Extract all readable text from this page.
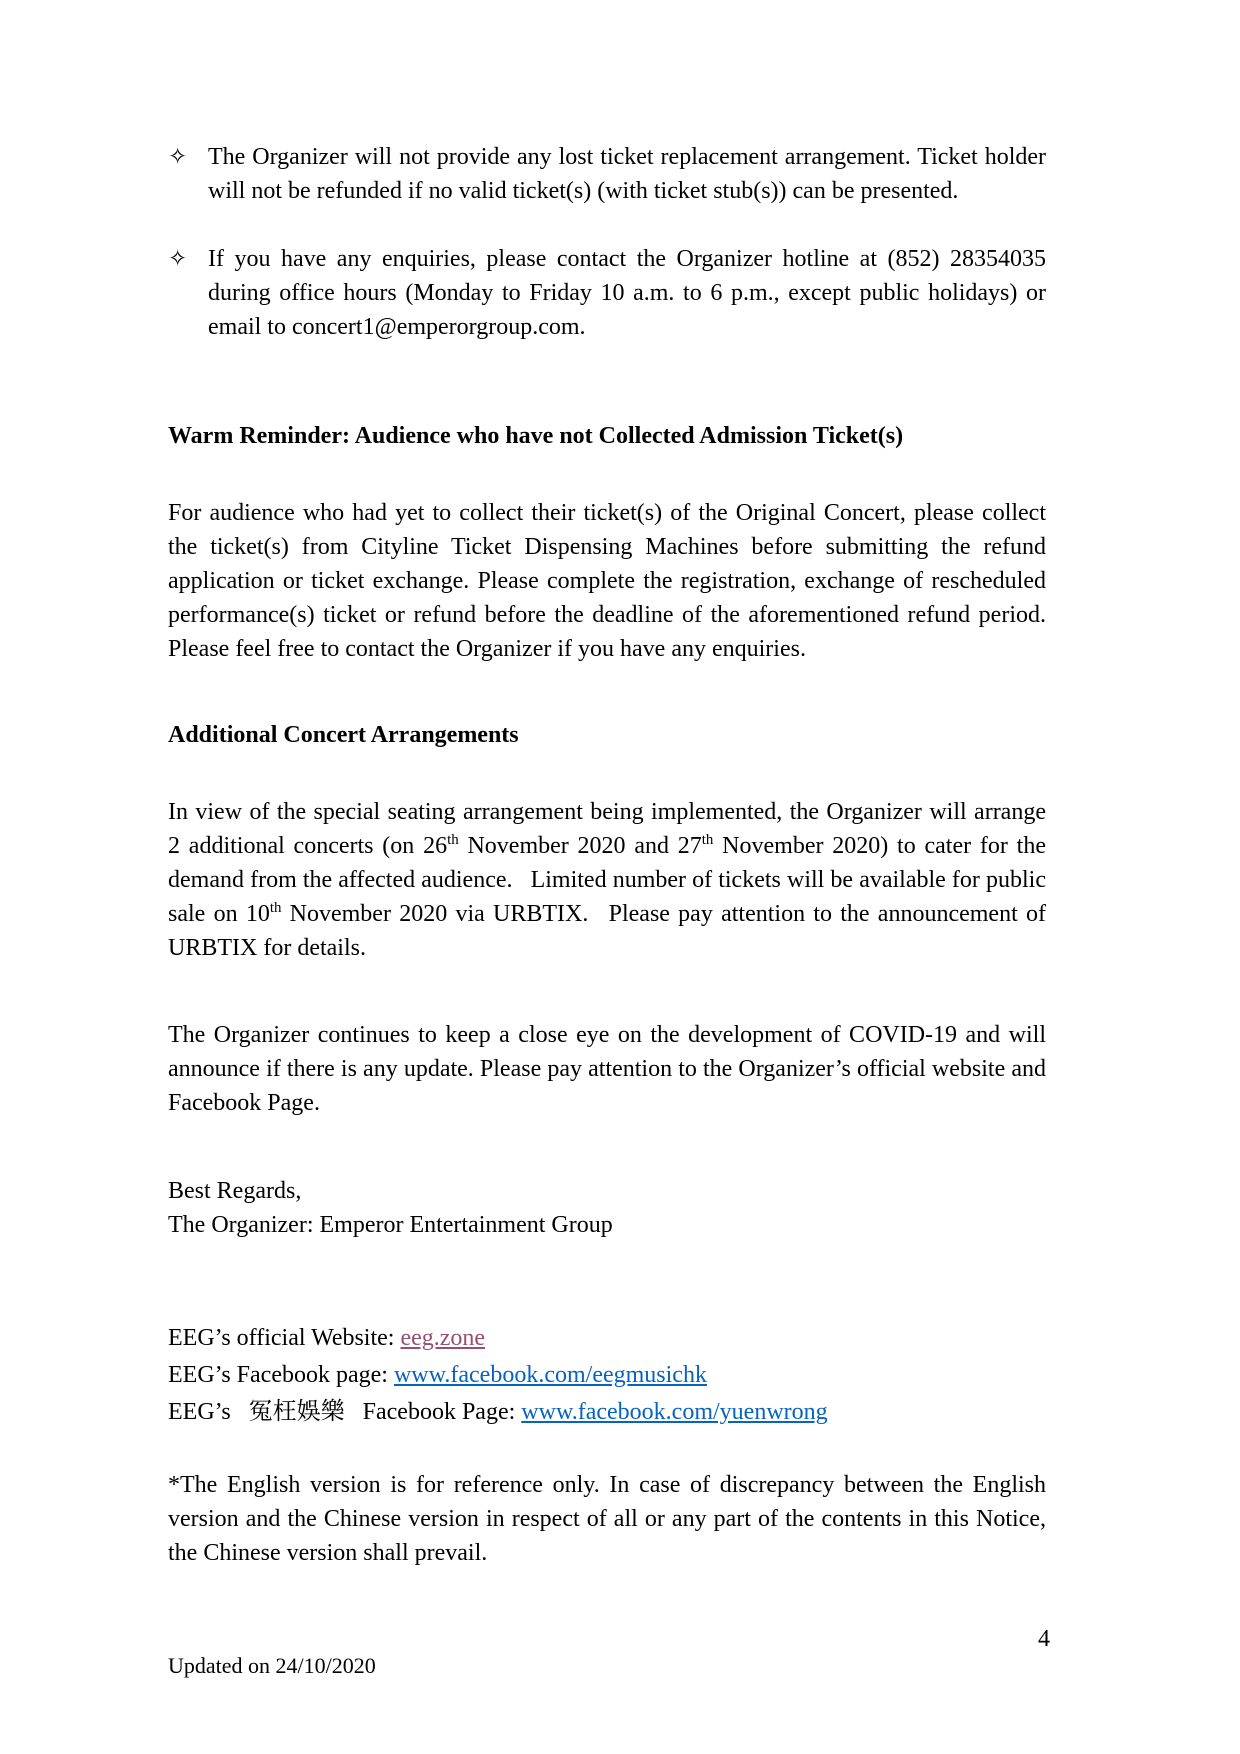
✧ The Organizer will not provide any lost ticket replacement arrangement. Ticket holder will not be refunded if no valid ticket(s) (with ticket stub(s)) can be presented.
✧ If you have any enquiries, please contact the Organizer hotline at (852) 28354035 during office hours (Monday to Friday 10 a.m. to 6 p.m., except public holidays) or email to concert1@emperorgroup.com.
Warm Reminder: Audience who have not Collected Admission Ticket(s)
For audience who had yet to collect their ticket(s) of the Original Concert, please collect the ticket(s) from Cityline Ticket Dispensing Machines before submitting the refund application or ticket exchange. Please complete the registration, exchange of rescheduled performance(s) ticket or refund before the deadline of the aforementioned refund period. Please feel free to contact the Organizer if you have any enquiries.
Additional Concert Arrangements
In view of the special seating arrangement being implemented, the Organizer will arrange 2 additional concerts (on 26th November 2020 and 27th November 2020) to cater for the demand from the affected audience.  Limited number of tickets will be available for public sale on 10th November 2020 via URBTIX.  Please pay attention to the announcement of URBTIX for details.
The Organizer continues to keep a close eye on the development of COVID-19 and will announce if there is any update. Please pay attention to the Organizer’s official website and Facebook Page.
Best Regards,
The Organizer: Emperor Entertainment Group
EEG’s official Website: eeg.zone
EEG’s Facebook page: www.facebook.com/eegmusichk
EEG’s  冤枉娛樂  Facebook Page: www.facebook.com/yuenwrong
*The English version is for reference only. In case of discrepancy between the English version and the Chinese version in respect of all or any part of the contents in this Notice, the Chinese version shall prevail.
4
Updated on 24/10/2020
